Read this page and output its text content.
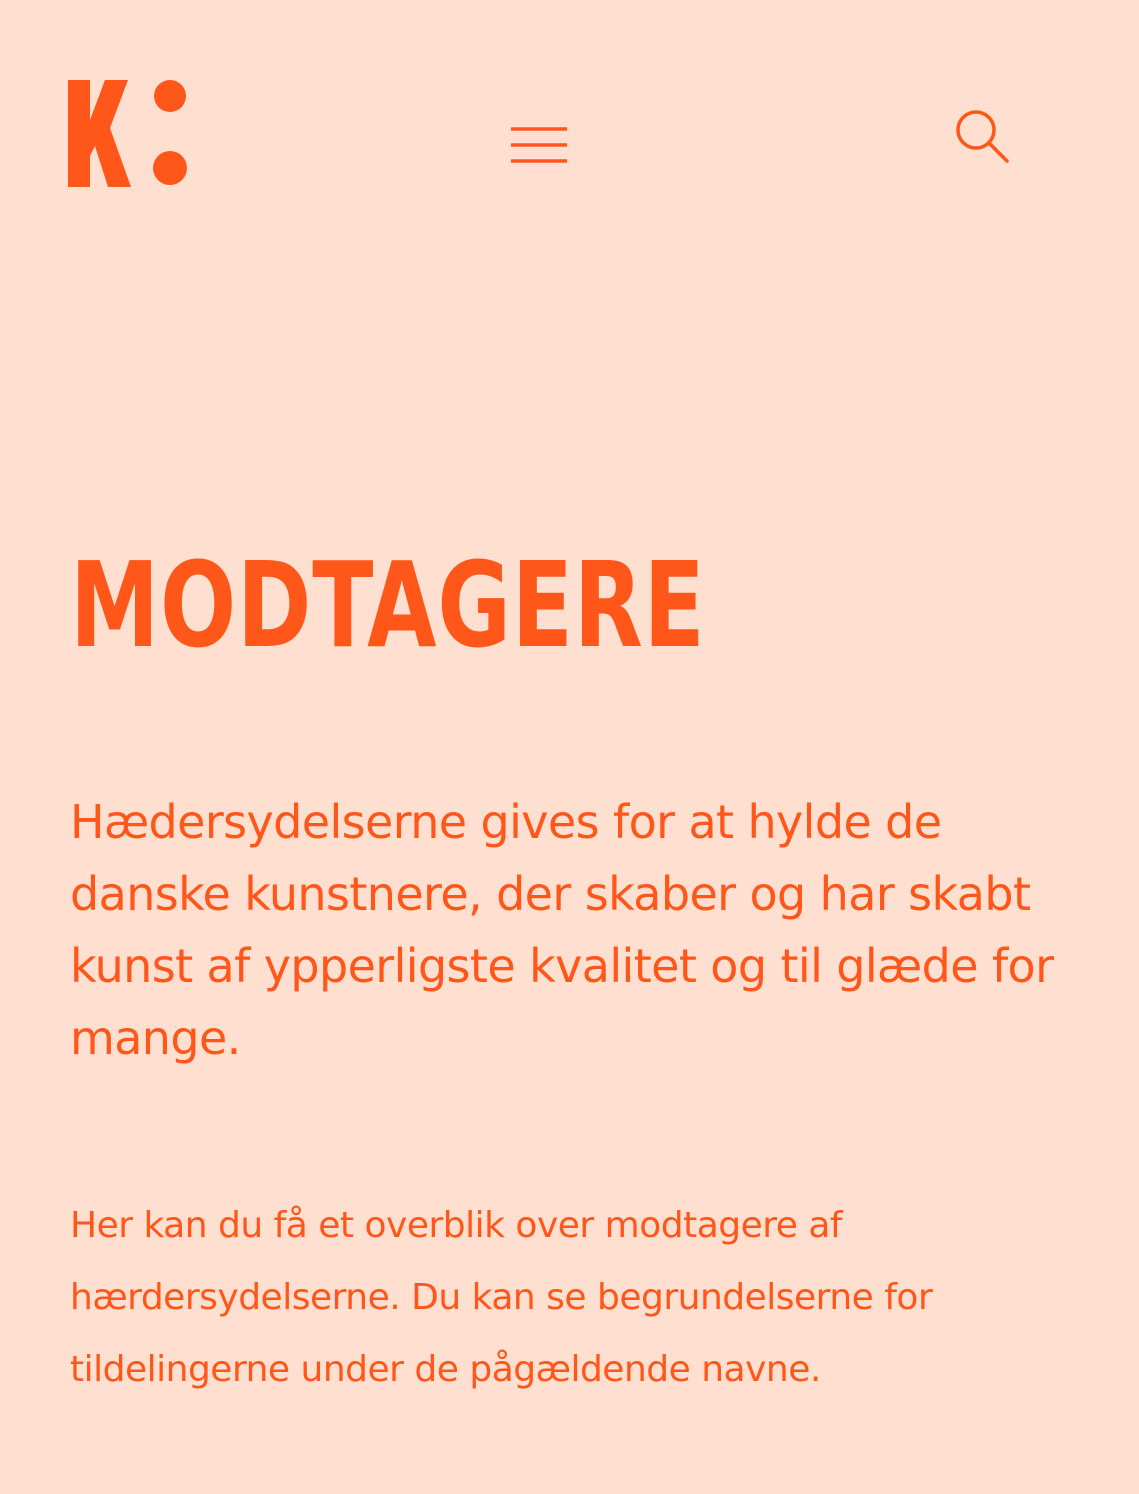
MODTAGERE

Hædersydelserne gives for at hylde de danske kunstnere, der skaber og har skabt kunst af ypperligste kvalitet og til glæde for mange.

Her kan du få et overblik over modtagere af hærdersydelserne. Du kan se begrundelserne for tildelingerne under de pågældende navne.
